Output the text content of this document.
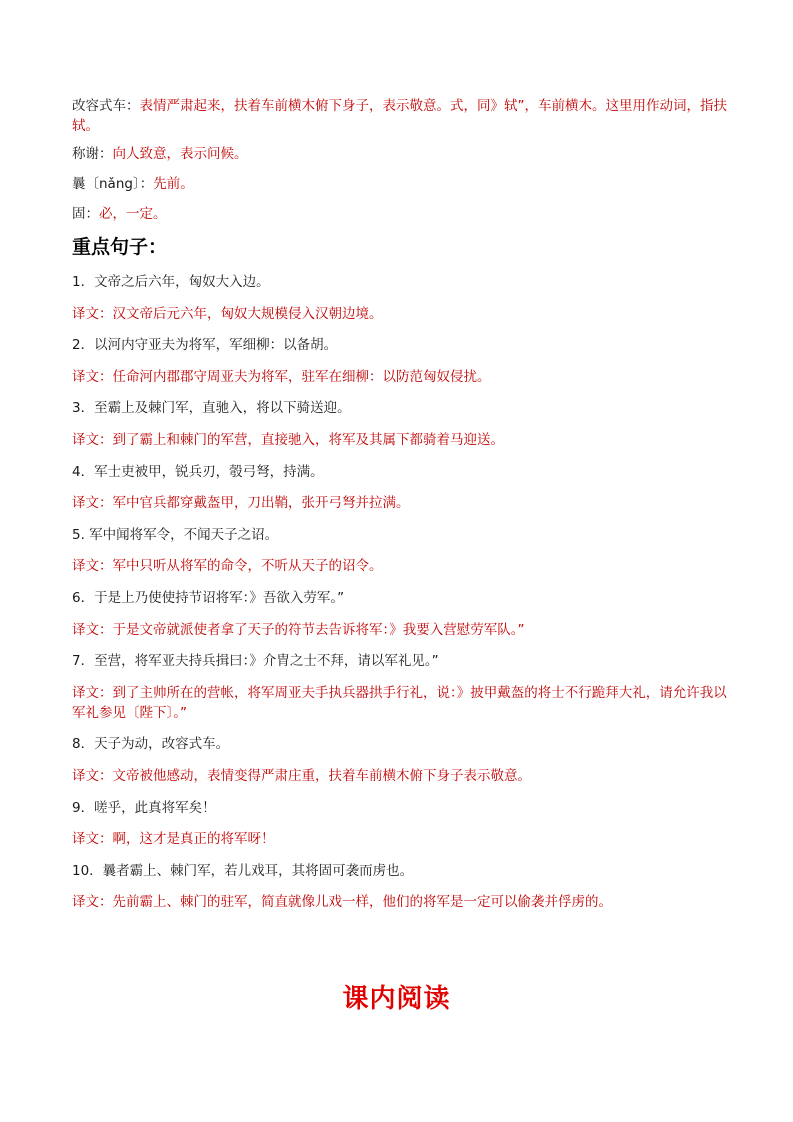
改容式车：表情严肃起来，扶着车前横木俯下身子，表示敬意。式，同》轼”，车前横木。这里用作动词，指扶轼。

称谢：向人致意，表示问候。

曩〔nǎng〕：先前。

固：必，一定。

重点句子：

1．文帝之后六年，匈奴大入边。

译文：汉文帝后元六年，匈奴大规模侵入汉朝边境。

2．以河内守亚夫为将军，军细柳：以备胡。

译文：任命河内郡郡守周亚夫为将军，驻军在细柳：以防范匈奴侵扰。

3．至霸上及棘门军，直驰入，将以下骑送迎。

译文：到了霸上和棘门的军营，直接驰入，将军及其属下都骑着马迎送。

4．军士吏被甲，锐兵刃，彀弓弩，持满。

译文：军中官兵都穿戴盔甲，刀出鞘，张开弓弩并拉满。

5. 军中闻将军令，不闻天子之诏。

译文：军中只听从将军的命令，不听从天子的诏令。

6．于是上乃使使持节诏将军：》吾欲入劳军。”

译文：于是文帝就派使者拿了天子的符节去告诉将军：》我要入营慰劳军队。”

7．至营，将军亚夫持兵揖曰：》介胄之士不拜，请以军礼见。”

译文：到了主帅所在的营帐，将军周亚夫手执兵器拱手行礼，说：》披甲戴盔的将士不行跪拜大礼，请允许我以军礼参见〔陛下〕。”

8．天子为动，改容式车。

译文：文帝被他感动，表情变得严肃庄重，扶着车前横木俯下身子表示敬意。

9．嗟乎，此真将军矣！

译文：啊，这才是真正的将军呀！

10．曩者霸上、棘门军，若儿戏耳，其将固可袭而虏也。

译文：先前霸上、棘门的驻军，简直就像儿戏一样，他们的将军是一定可以偷袭并俘虏的。

课内阅读
